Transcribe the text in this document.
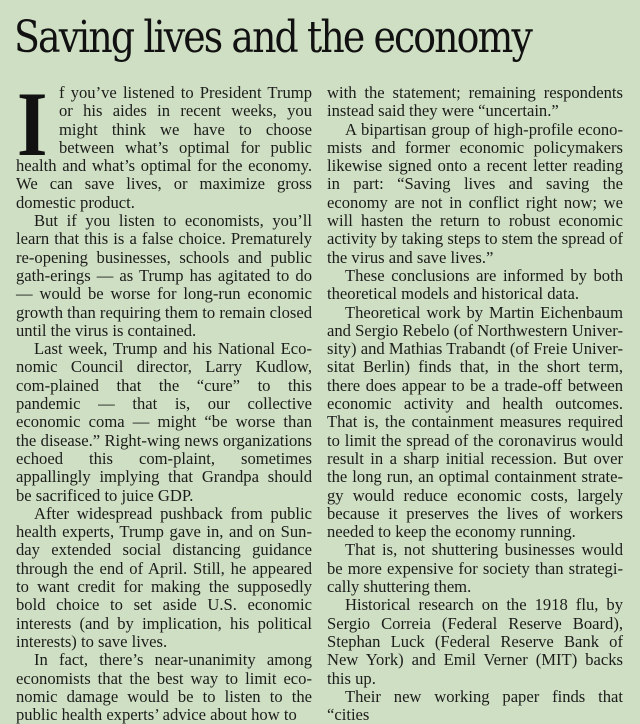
Saving lives and the economy

I f you’ve listened to President Trump or his aides in recent weeks, you might think we have to choose between what’s optimal for public health and what’s optimal for the economy. We can save lives, or maximize gross domestic product.

But if you listen to economists, you’ll learn that this is a false choice. Prematurely re-opening businesses, schools and public gath-erings — as Trump has agitated to do — would be worse for long-run economic growth than requiring them to remain closed until the virus is contained.

Last week, Trump and his National Eco-nomic Council director, Larry Kudlow, com-plained that the “cure” to this pandemic — that is, our collective economic coma — might “be worse than the disease.” Right-wing news organizations echoed this com-plaint, sometimes appallingly implying that Grandpa should be sacrificed to juice GDP.

After widespread pushback from public health experts, Trump gave in, and on Sun-day extended social distancing guidance through the end of April. Still, he appeared to want credit for making the supposedly bold choice to set aside U.S. economic interests (and by implication, his political interests) to save lives.

In fact, there’s near-unanimity among economists that the best way to limit eco-nomic damage would be to listen to the public health experts’ advice about how to

with the statement; remaining respondents instead said they were “uncertain.”

A bipartisan group of high-profile econo-mists and former economic policymakers likewise signed onto a recent letter reading in part: “Saving lives and saving the economy are not in conflict right now; we will hasten the return to robust economic activity by taking steps to stem the spread of the virus and save lives.”

These conclusions are informed by both theoretical models and historical data.

Theoretical work by Martin Eichenbaum and Sergio Rebelo (of Northwestern Univer-sity) and Mathias Trabandt (of Freie Univer-sitat Berlin) finds that, in the short term, there does appear to be a trade-off between economic activity and health outcomes. That is, the containment measures required to limit the spread of the coronavirus would result in a sharp initial recession. But over the long run, an optimal containment strate-gy would reduce economic costs, largely because it preserves the lives of workers needed to keep the economy running.

That is, not shuttering businesses would be more expensive for society than strategi-cally shuttering them.

Historical research on the 1918 flu, by Sergio Correia (Federal Reserve Board), Stephan Luck (Federal Reserve Bank of New York) and Emil Verner (MIT) backs this up.

Their new working paper finds that “cities
